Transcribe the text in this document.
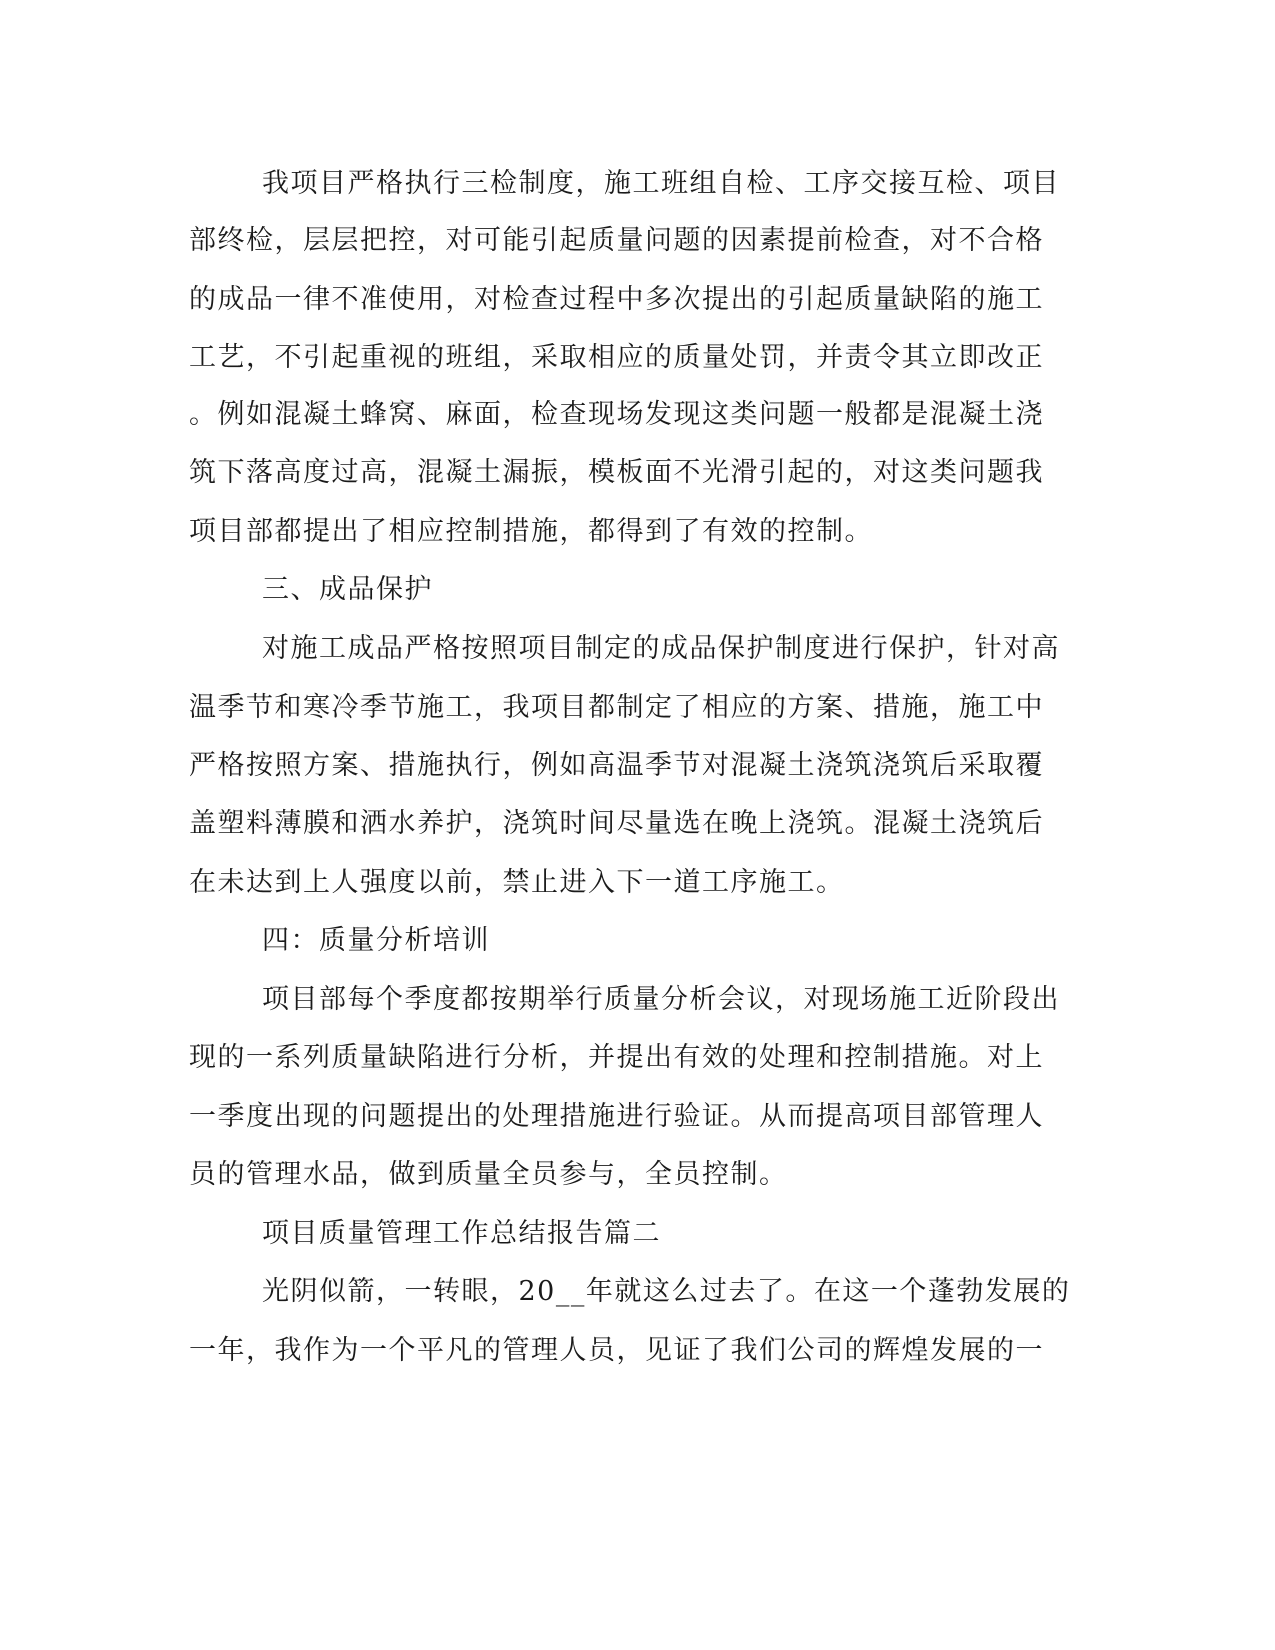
我项目严格执行三检制度，施工班组自检、工序交接互检、项目
部终检，层层把控，对可能引起质量问题的因素提前检查，对不合格
的成品一律不准使用，对检查过程中多次提出的引起质量缺陷的施工
工艺，不引起重视的班组，采取相应的质量处罚，并责令其立即改正
。例如混凝土蜂窝、麻面，检查现场发现这类问题一般都是混凝土浇
筑下落高度过高，混凝土漏振，模板面不光滑引起的，对这类问题我
项目部都提出了相应控制措施，都得到了有效的控制。
三、成品保护
对施工成品严格按照项目制定的成品保护制度进行保护，针对高
温季节和寒冷季节施工，我项目都制定了相应的方案、措施，施工中
严格按照方案、措施执行，例如高温季节对混凝土浇筑浇筑后采取覆
盖塑料薄膜和洒水养护，浇筑时间尽量选在晚上浇筑。混凝土浇筑后
在未达到上人强度以前，禁止进入下一道工序施工。
四：质量分析培训
项目部每个季度都按期举行质量分析会议，对现场施工近阶段出
现的一系列质量缺陷进行分析，并提出有效的处理和控制措施。对上
一季度出现的问题提出的处理措施进行验证。从而提高项目部管理人
员的管理水品，做到质量全员参与，全员控制。
项目质量管理工作总结报告篇二
光阴似箭，一转眼，20__年就这么过去了。在这一个蓬勃发展的
一年，我作为一个平凡的管理人员，见证了我们公司的辉煌发展的一
